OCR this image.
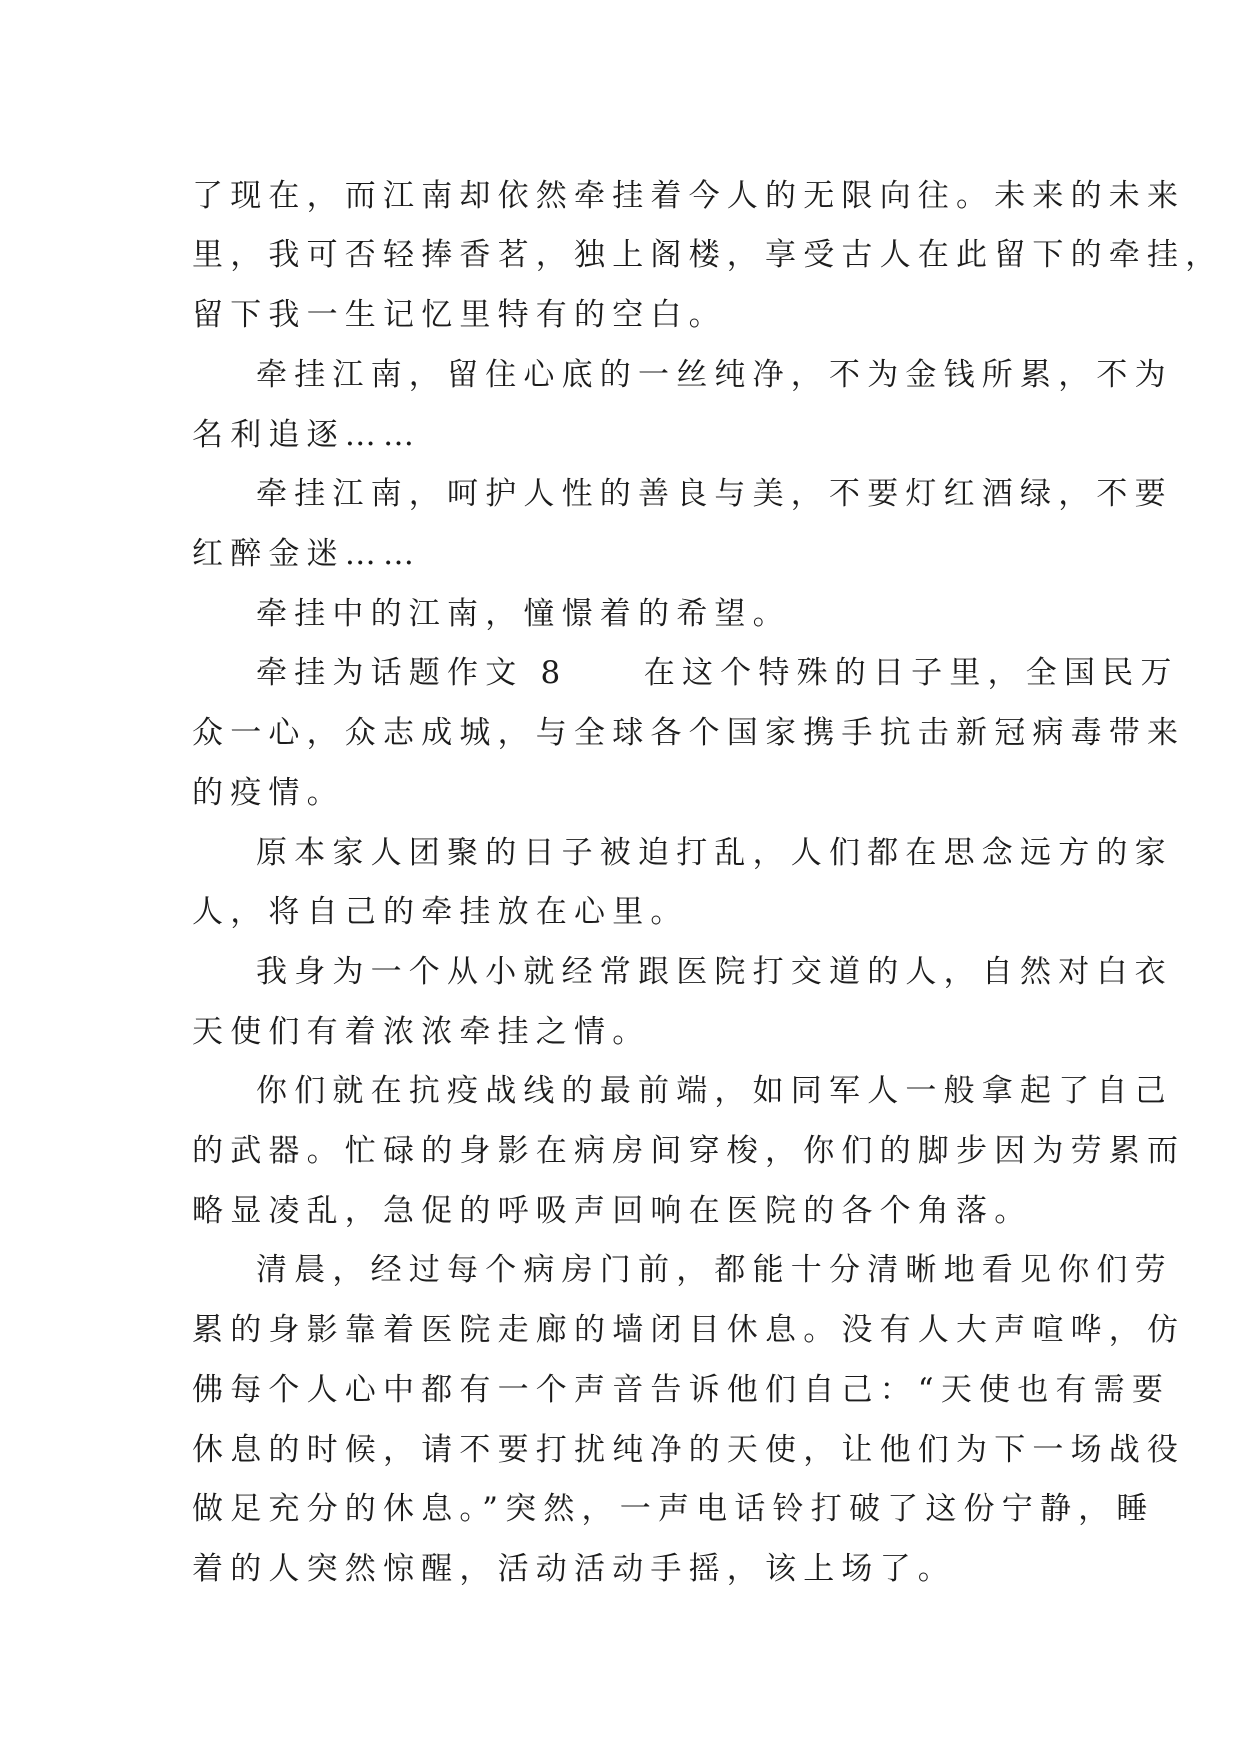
了现在，而江南却依然牵挂着今人的无限向往。未来的未来

里，我可否轻捧香茗，独上阁楼，享受古人在此留下的牵挂，

留下我一生记忆里特有的空白。

牵挂江南，留住心底的一丝纯净，不为金钱所累，不为

名利追逐……

牵挂江南，呵护人性的善良与美，不要灯红酒绿，不要

红醉金迷……

牵挂中的江南，憧憬着的希望。

牵挂为话题作文 8　　在这个特殊的日子里，全国民万

众一心，众志成城，与全球各个国家携手抗击新冠病毒带来

的疫情。

原本家人团聚的日子被迫打乱，人们都在思念远方的家

人，将自己的牵挂放在心里。

我身为一个从小就经常跟医院打交道的人，自然对白衣

天使们有着浓浓牵挂之情。

你们就在抗疫战线的最前端，如同军人一般拿起了自己

的武器。忙碌的身影在病房间穿梭，你们的脚步因为劳累而

略显凌乱，急促的呼吸声回响在医院的各个角落。

清晨，经过每个病房门前，都能十分清晰地看见你们劳

累的身影靠着医院走廊的墙闭目休息。没有人大声喧哗，仿

佛每个人心中都有一个声音告诉他们自己：“天使也有需要

休息的时候，请不要打扰纯净的天使，让他们为下一场战役

做足充分的休息。”突然，一声电话铃打破了这份宁静，睡

着的人突然惊醒，活动活动手摇，该上场了。
